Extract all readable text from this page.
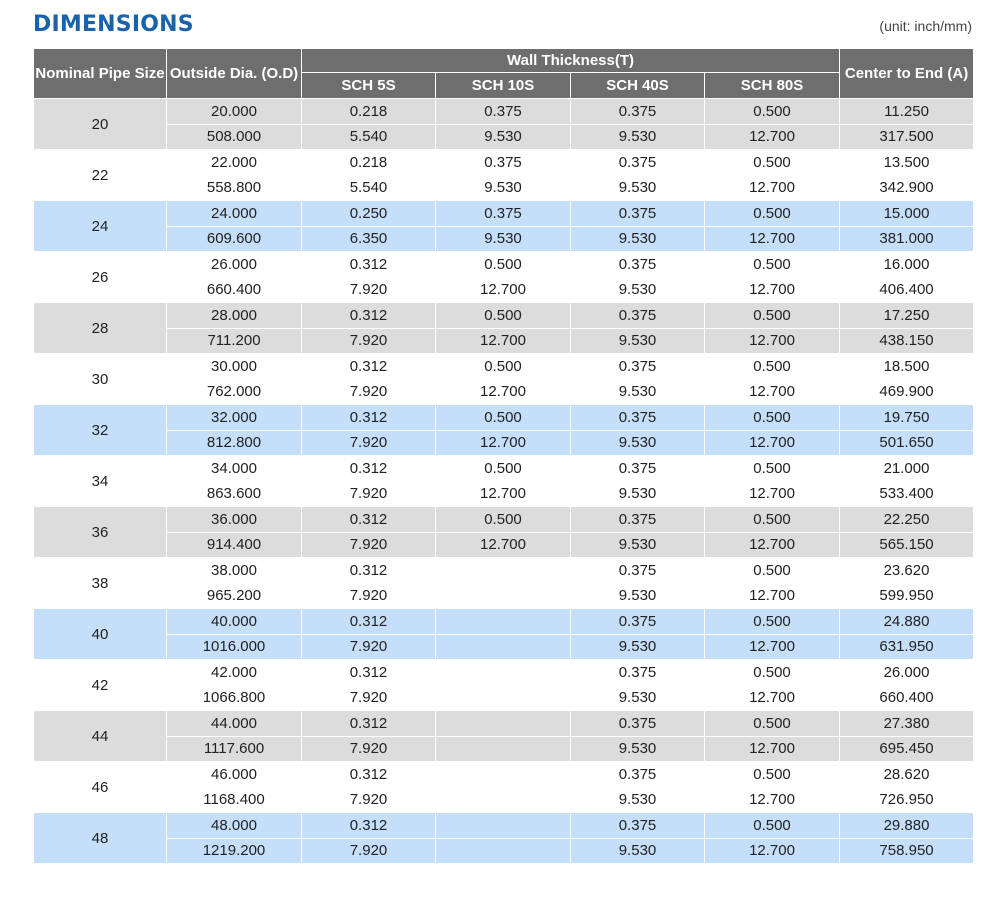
DIMENSIONS	(unit: inch/mm)
Nominal Pipe Size	Outside Dia. (O.D)	Wall Thickness(T)				Center to End (A)
		SCH 5S	SCH 10S	SCH 40S	SCH 80S	
20	20.000	0.218	0.375	0.375	0.500	11.250
	508.000	5.540	9.530	9.530	12.700	317.500
22	22.000	0.218	0.375	0.375	0.500	13.500
	558.800	5.540	9.530	9.530	12.700	342.900
24	24.000	0.250	0.375	0.375	0.500	15.000
	609.600	6.350	9.530	9.530	12.700	381.000
26	26.000	0.312	0.500	0.375	0.500	16.000
	660.400	7.920	12.700	9.530	12.700	406.400
28	28.000	0.312	0.500	0.375	0.500	17.250
	711.200	7.920	12.700	9.530	12.700	438.150
30	30.000	0.312	0.500	0.375	0.500	18.500
	762.000	7.920	12.700	9.530	12.700	469.900
32	32.000	0.312	0.500	0.375	0.500	19.750
	812.800	7.920	12.700	9.530	12.700	501.650
34	34.000	0.312	0.500	0.375	0.500	21.000
	863.600	7.920	12.700	9.530	12.700	533.400
36	36.000	0.312	0.500	0.375	0.500	22.250
	914.400	7.920	12.700	9.530	12.700	565.150
38	38.000	0.312		0.375	0.500	23.620
	965.200	7.920		9.530	12.700	599.950
40	40.000	0.312		0.375	0.500	24.880
	1016.000	7.920		9.530	12.700	631.950
42	42.000	0.312		0.375	0.500	26.000
	1066.800	7.920		9.530	12.700	660.400
44	44.000	0.312		0.375	0.500	27.380
	1117.600	7.920		9.530	12.700	695.450
46	46.000	0.312		0.375	0.500	28.620
	1168.400	7.920		9.530	12.700	726.950
48	48.000	0.312		0.375	0.500	29.880
	1219.200	7.920		9.530	12.700	758.950
